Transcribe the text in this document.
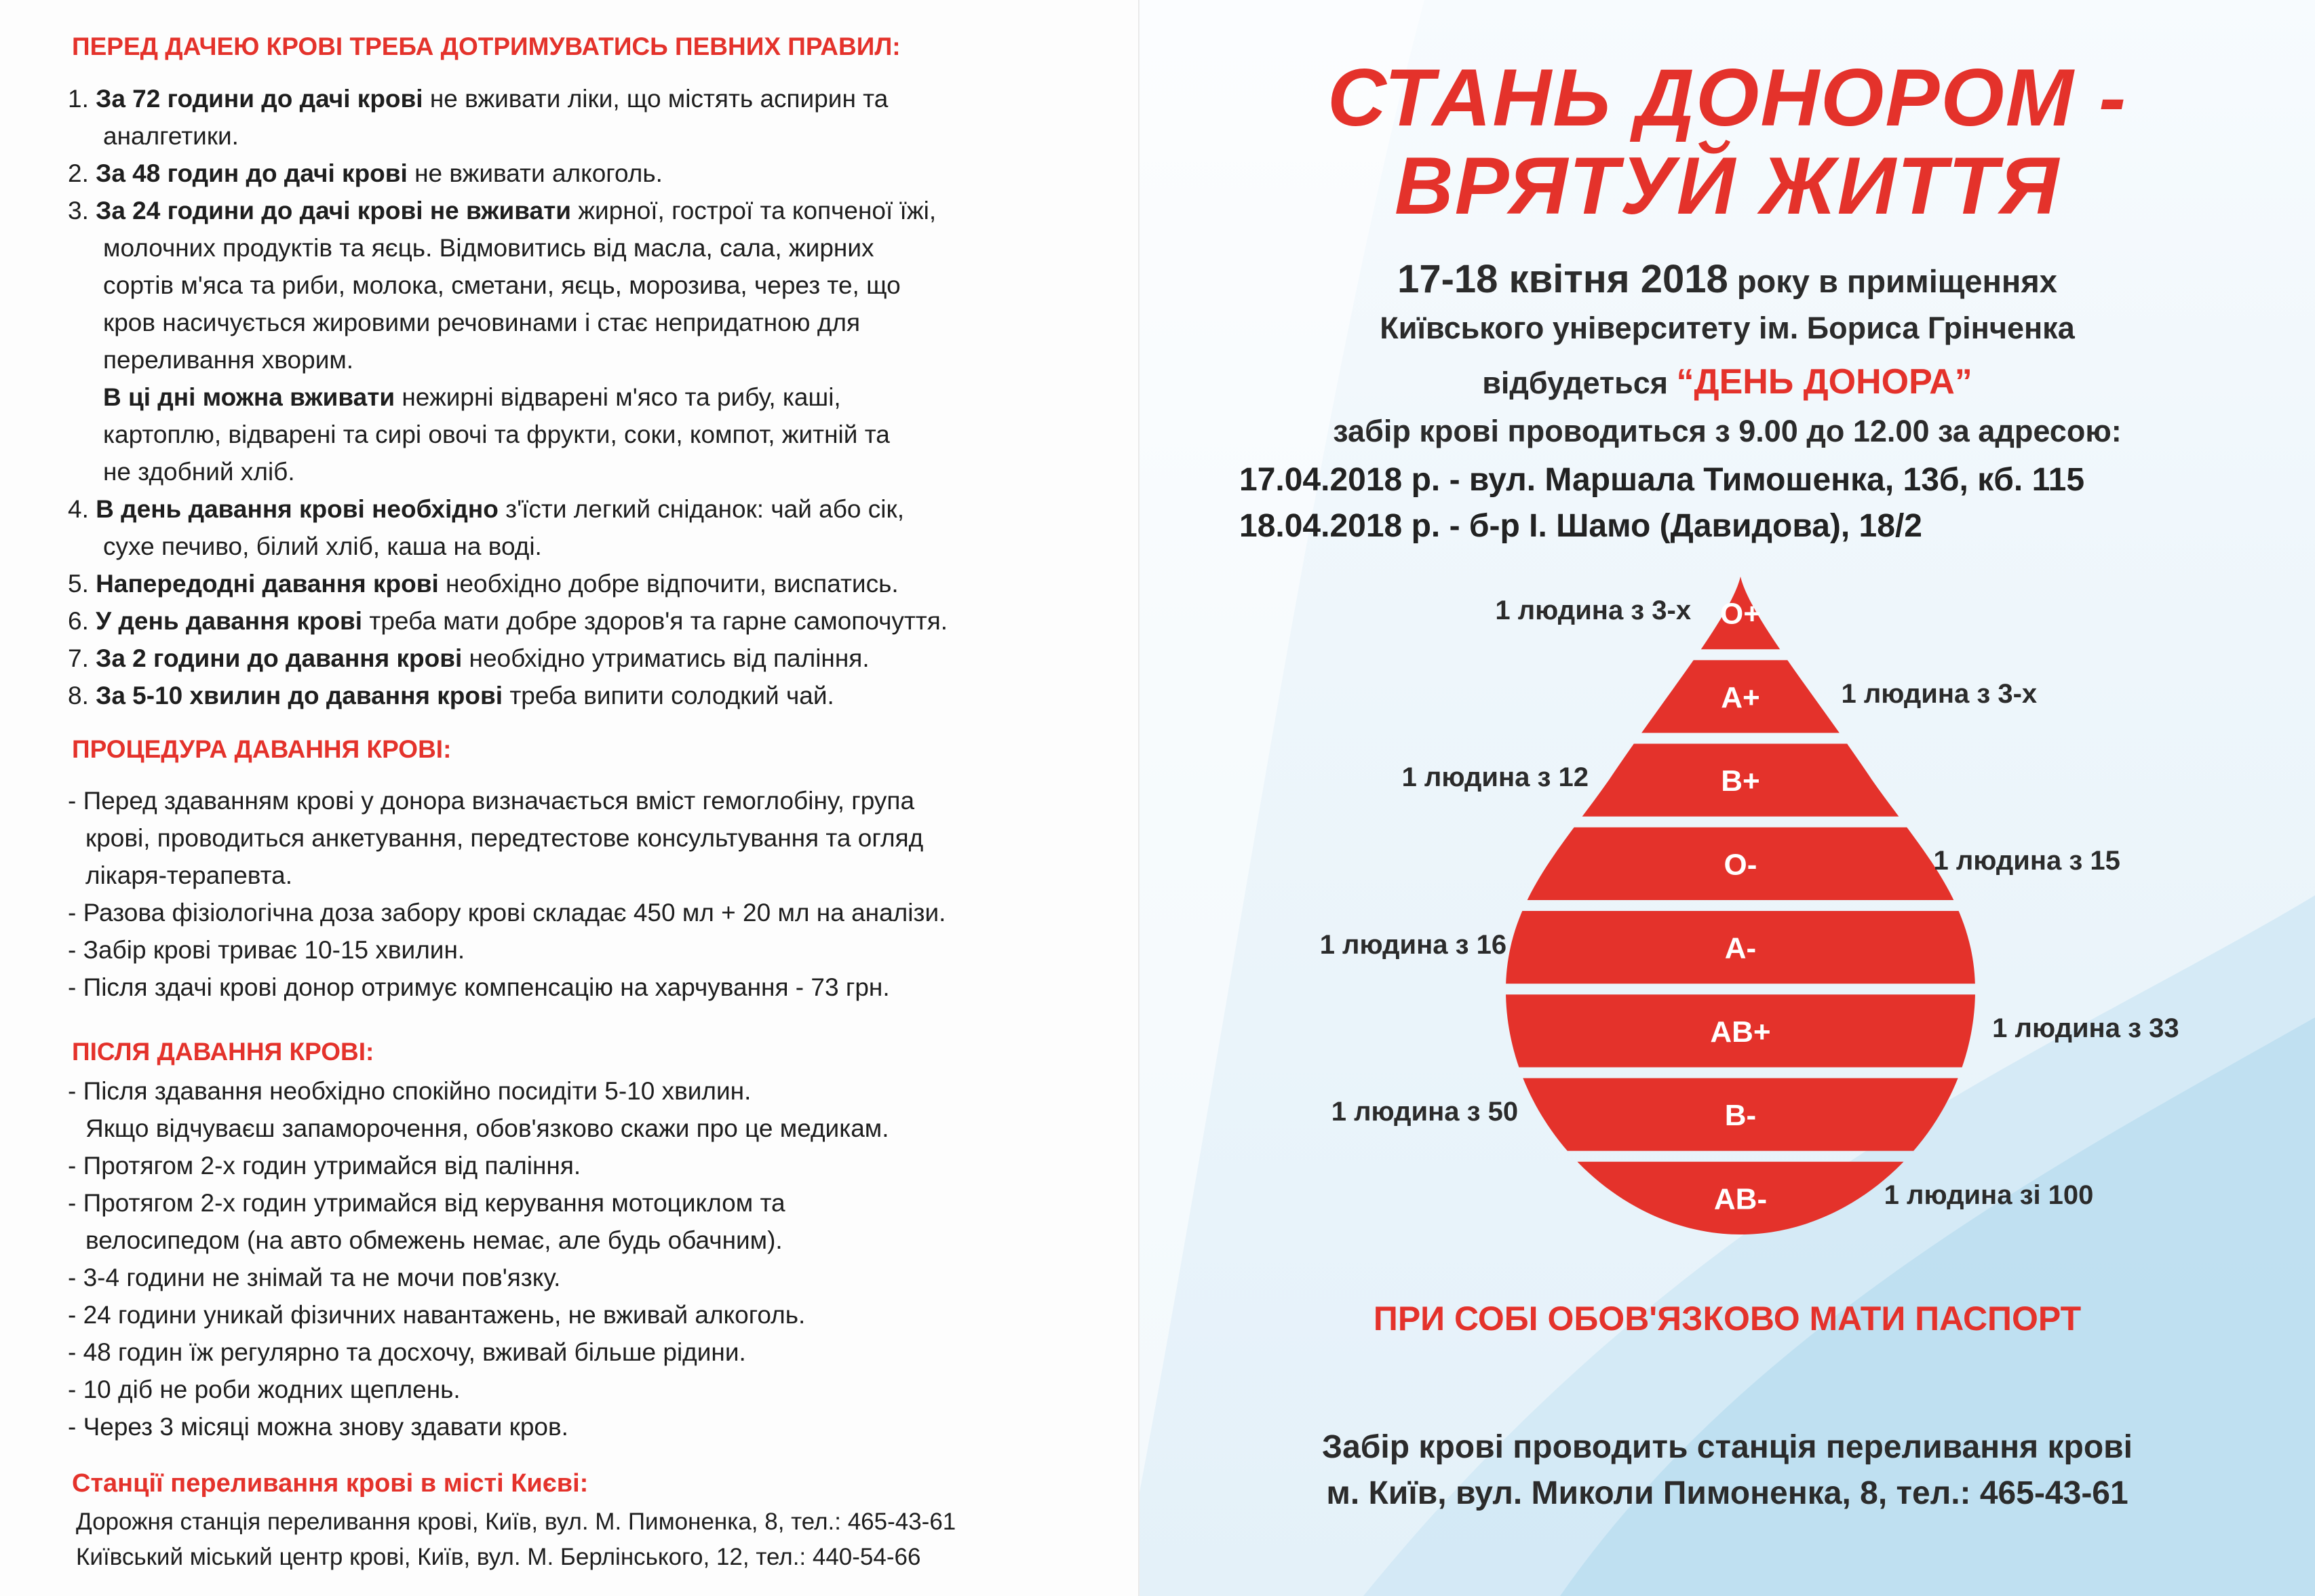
ПЕРЕД ДАЧЕЮ КРОВІ ТРЕБА ДОТРИМУВАТИСЬ ПЕВНИХ ПРАВИЛ:
1. За 72 години до дачі крові не вживати ліки, що містять аспирин та
аналгетики.
2. За 48 годин до дачі крові не вживати алкоголь.
3. За 24 години до дачі крові не вживати жирної, гострої та копченої їжі,
молочних продуктів та яєць. Відмовитись від масла, сала, жирних
сортів м'яса та риби, молока, сметани, яєць, морозива, через те, що
кров насичується жировими речовинами і стає непридатною для
переливання хворим.
В ці дні можна вживати нежирні відварені м'ясо та рибу, каші,
картоплю, відварені та сирі овочі та фрукти, соки, компот, житній та
не здобний хліб.
4. В день давання крові необхідно з'їсти легкий сніданок: чай або сік,
сухе печиво, білий хліб, каша на воді.
5. Напередодні давання крові необхідно добре відпочити, виспатись.
6. У день давання крові треба мати добре здоров'я та гарне самопочуття.
7. За 2 години до давання крові необхідно утриматись від паління.
8. За 5-10 хвилин до давання крові треба випити солодкий чай.
ПРОЦЕДУРА ДАВАННЯ КРОВІ:
- Перед здаванням крові у донора визначається вміст гемоглобіну, група
крові, проводиться анкетування, передтестове консультування та огляд
лікаря-терапевта.
- Разова фізіологічна доза забору крові складає 450 мл + 20 мл на аналізи.
- Забір крові триває 10-15 хвилин.
- Після здачі крові донор отримує компенсацію на харчування - 73 грн.
ПІСЛЯ ДАВАННЯ КРОВІ:
- Після здавання необхідно спокійно посидіти 5-10 хвилин.
Якщо відчуваєш запаморочення, обов'язково скажи про це медикам.
- Протягом 2-х годин утримайся від паління.
- Протягом 2-х годин утримайся від керування мотоциклом та
велосипедом (на авто обмежень немає, але будь обачним).
- 3-4 години не знімай та не мочи пов'язку.
- 24 години уникай фізичних навантажень, не вживай алкоголь.
- 48 годин їж регулярно та досхочу, вживай більше рідини.
- 10 діб не роби жодних щеплень.
- Через 3 місяці можна знову здавати кров.
Станції переливання крові в місті Києві:
Дорожня станція переливання крові, Київ, вул. М. Пимоненка, 8, тел.: 465-43-61
Київський міський центр крові, Київ, вул. М. Берлінського, 12, тел.: 440-54-66
СТАНЬ ДОНОРОМ -
ВРЯТУЙ ЖИТТЯ
17-18 квітня 2018 року в приміщеннях
Київського університету ім. Бориса Грінченка
відбудеться “ДЕНЬ ДОНОРА”
забір крові проводиться з 9.00 до 12.00 за адресою:
17.04.2018 р. - вул. Маршала Тимошенка, 13б, кб. 115
18.04.2018 р. - б-р І. Шамо (Давидова), 18/2
O+
A+
B+
O-
A-
AB+
B-
AB-
1 людина з 3-х
1 людина з 3-х
1 людина з 12
1 людина з 15
1 людина з 16
1 людина з 33
1 людина з 50
1 людина зі 100
ПРИ СОБІ ОБОВ'ЯЗКОВО МАТИ ПАСПОРТ
Забір крові проводить станція переливання крові
м. Київ, вул. Миколи Пимоненка, 8, тел.: 465-43-61
